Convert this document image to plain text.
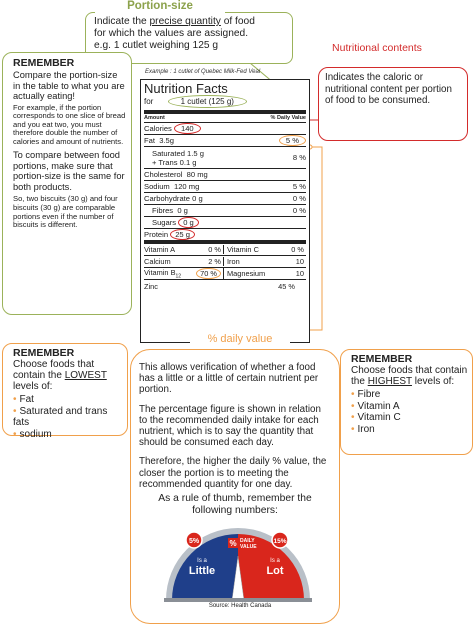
Indicate the precise quantity of food
for which the values are assigned.
e.g. 1 cutlet weighing 125 g
Portion-size
REMEMBER
Compare the portion-size in the table to what you are actually eating!
For example, if the portion corresponds to one slice of bread and you eat two, you must therefore double the number of calories and amount of nutrients.
To compare between food portions, make sure that portion-size is the same for both products.
So, two biscuits (30 g) and four biscuits (30 g) are comparable portions even if the number of biscuits is different.
Example : 1 cutlet of Quebec Milk-Fed Veal
Nutrition Facts
for	1 cutlet (125 g)
Amount	% Daily Value
Calories 140
Fat 3.5g	5 %
Saturated 1.5 g
+ Trans 0.1 g	8 %
Cholesterol 80 mg
Sodium 120 mg	5 %
Carbohydrate 0 g	0 %
Fibres 0 g	0 %
Sugars 0 g
Protein 25 g
Vitamin A	0 % Vitamin C	0 %
Calcium	2 % Iron	10
Vitamin $B_{12}$	70 %	Magnesium	10
Zinc	45 %
Indicates the caloric or nutritional content per portion of food to be consumed.
Nutritional contents

This allows verification of whether a food has a little or a little of certain nutrient per portion.

The percentage figure is shown in relation to the recommended daily intake for each nutrient, which is to say the quantity that should be consumed each day.

Therefore, the higher the daily % value, the closer the portion is to meeting the recommended quantity for one day.

% daily value
REMEMBER
Choose foods that contain the LOWEST levels of:
• Fat
• Saturated and trans fats
• sodium
REMEMBER
Choose foods that contain the HIGHEST levels of:
• Fibre
• Vitamin A
• Vitamin C
• Iron
As a rule of thumb, remember the following numbers:
% DAILY
VALUE
5%
Is a
Little
15%
Is a
Lot
Source: Health Canada
